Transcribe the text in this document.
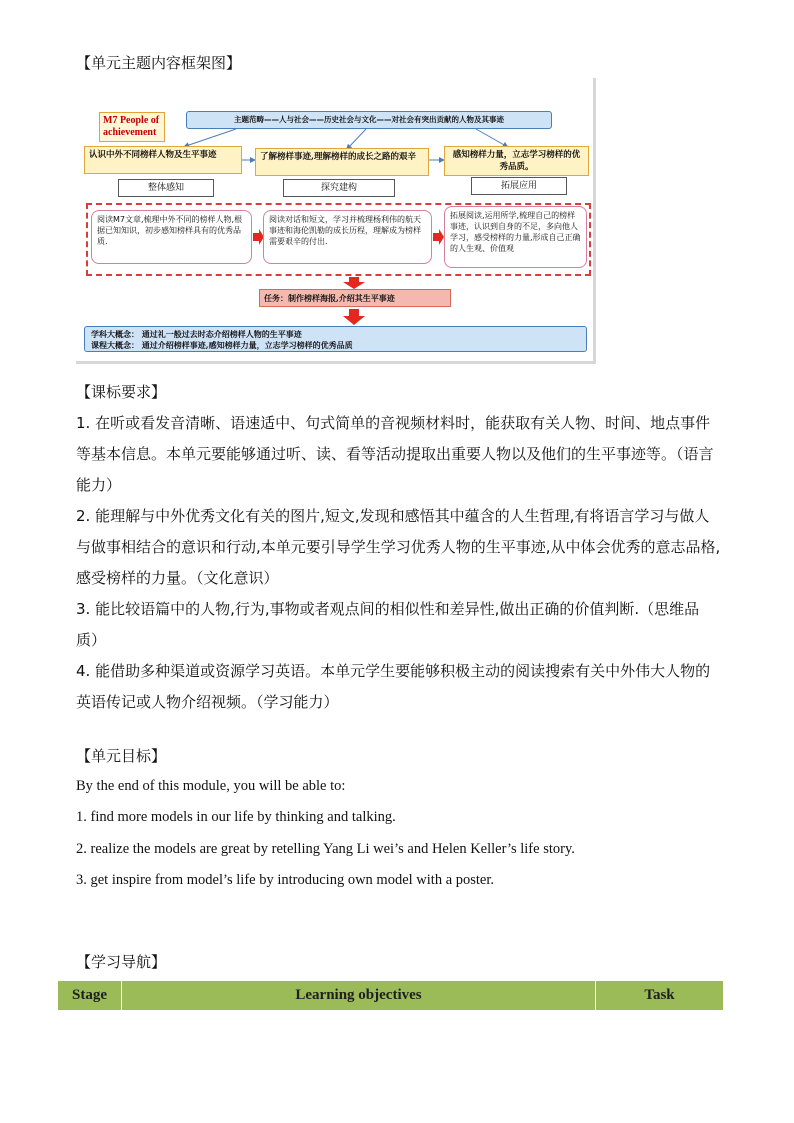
【单元主题内容框架图】
M7 People of achievement
主题范畴——人与社会——历史社会与文化——对社会有突出贡献的人物及其事迹
认识中外不同榜样人物及生平事迹	了解榜样事迹,理解榜样的成长之路的艰辛	感知榜样力量，立志学习榜样的优秀品质。
整体感知	探究建构	拓展应用
阅读M7文章,梳理中外不同的榜样人物,根据已知知识，初步感知榜样具有的优秀品质.
阅读对话和短文，学习并梳理杨利伟的航天事迹和海伦凯勒的成长历程，理解成为榜样需要艰辛的付出.
拓展阅读,运用所学,梳理自己的榜样事迹，认识到自身的不足，多向他人学习，感受榜样的力量,形成自己正确的人生观、价值观
任务：制作榜样海报,介绍其生平事迹
学科大概念： 通过礼一般过去时态介绍榜样人物的生平事迹
课程大概念： 通过介绍榜样事迹,感知榜样力量，立志学习榜样的优秀品质
【课标要求】
1. 在听或看发音清晰、语速适中、句式简单的音视频材料时，能获取有关人物、时间、地点事件等基本信息。本单元要能够通过听、读、看等活动提取出重要人物以及他们的生平事迹等。（语言能力）
2. 能理解与中外优秀文化有关的图片,短文,发现和感悟其中蕴含的人生哲理,有将语言学习与做人与做事相结合的意识和行动,本单元要引导学生学习优秀人物的生平事迹,从中体会优秀的意志品格,感受榜样的力量。（文化意识）
3. 能比较语篇中的人物,行为,事物或者观点间的相似性和差异性,做出正确的价值判断.（思维品质）
4. 能借助多种渠道或资源学习英语。本单元学生要能够积极主动的阅读搜索有关中外伟大人物的英语传记或人物介绍视频。（学习能力）
【单元目标】
By the end of this module, you will be able to:
1. find more models in our life by thinking and talking.
2. realize the models are great by retelling Yang Li wei’s and Helen Keller’s life story.
3. get inspire from model’s life by introducing own model with a poster.
【学习导航】
Stage	Learning objectives	Task
